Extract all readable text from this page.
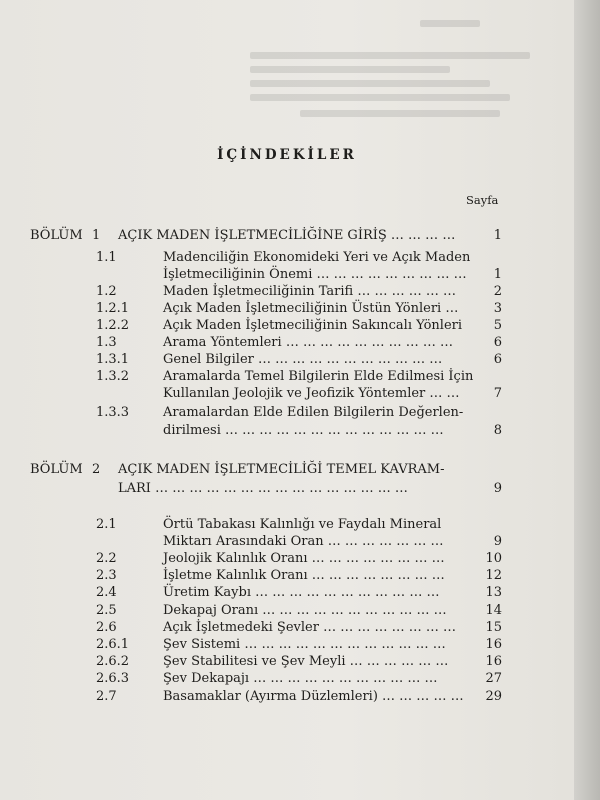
İÇİNDEKİLER
Sayfa
BÖLÜM 1 AÇIK MADEN İŞLETMECİLİĞİNE GİRİŞ … … … …	1
1.1	Madenciliğin Ekonomideki Yeri ve Açık Maden
İşletmeciliğinin Önemi … … … … … … … … …	1
1.2	Maden İşletmeciliğinin Tarifi … … … … … …	2
1.2.1	Açık Maden İşletmeciliğinin Üstün Yönleri …	3
1.2.2	Açık Maden İşletmeciliğinin Sakıncalı Yönleri	5
1.3	Arama Yöntemleri … … … … … … … … … …	6
1.3.1	Genel Bilgiler … … … … … … … … … … …	6
1.3.2	Aramalarda Temel Bilgilerin Elde Edilmesi İçin
Kullanılan Jeolojik ve Jeofizik Yöntemler … …	7
1.3.3	Aramalardan Elde Edilen Bilgilerin Değerlen-
dirilmesi … … … … … … … … … … … … …	8
BÖLÜM 2 AÇIK MADEN İŞLETMECİLİĞİ TEMEL KAVRAM-
LARI … … … … … … … … … … … … … … …	9
2.1	Örtü Tabakası Kalınlığı ve Faydalı Mineral
Miktarı Arasındaki Oran … … … … … … …	9
2.2	Jeolojik Kalınlık Oranı … … … … … … … …	10
2.3	İşletme Kalınlık Oranı … … … … … … … …	12
2.4	Üretim Kaybı … … … … … … … … … … …	13
2.5	Dekapaj Oranı … … … … … … … … … … …	14
2.6	Açık İşletmedeki Şevler … … … … … … … …	15
2.6.1	Şev Sistemi … … … … … … … … … … … …	16
2.6.2	Şev Stabilitesi ve Şev Meyli … … … … … …	16
2.6.3	Şev Dekapajı … … … … … … … … … … …	27
2.7	Basamaklar (Ayırma Düzlemleri) … … … … …	29
